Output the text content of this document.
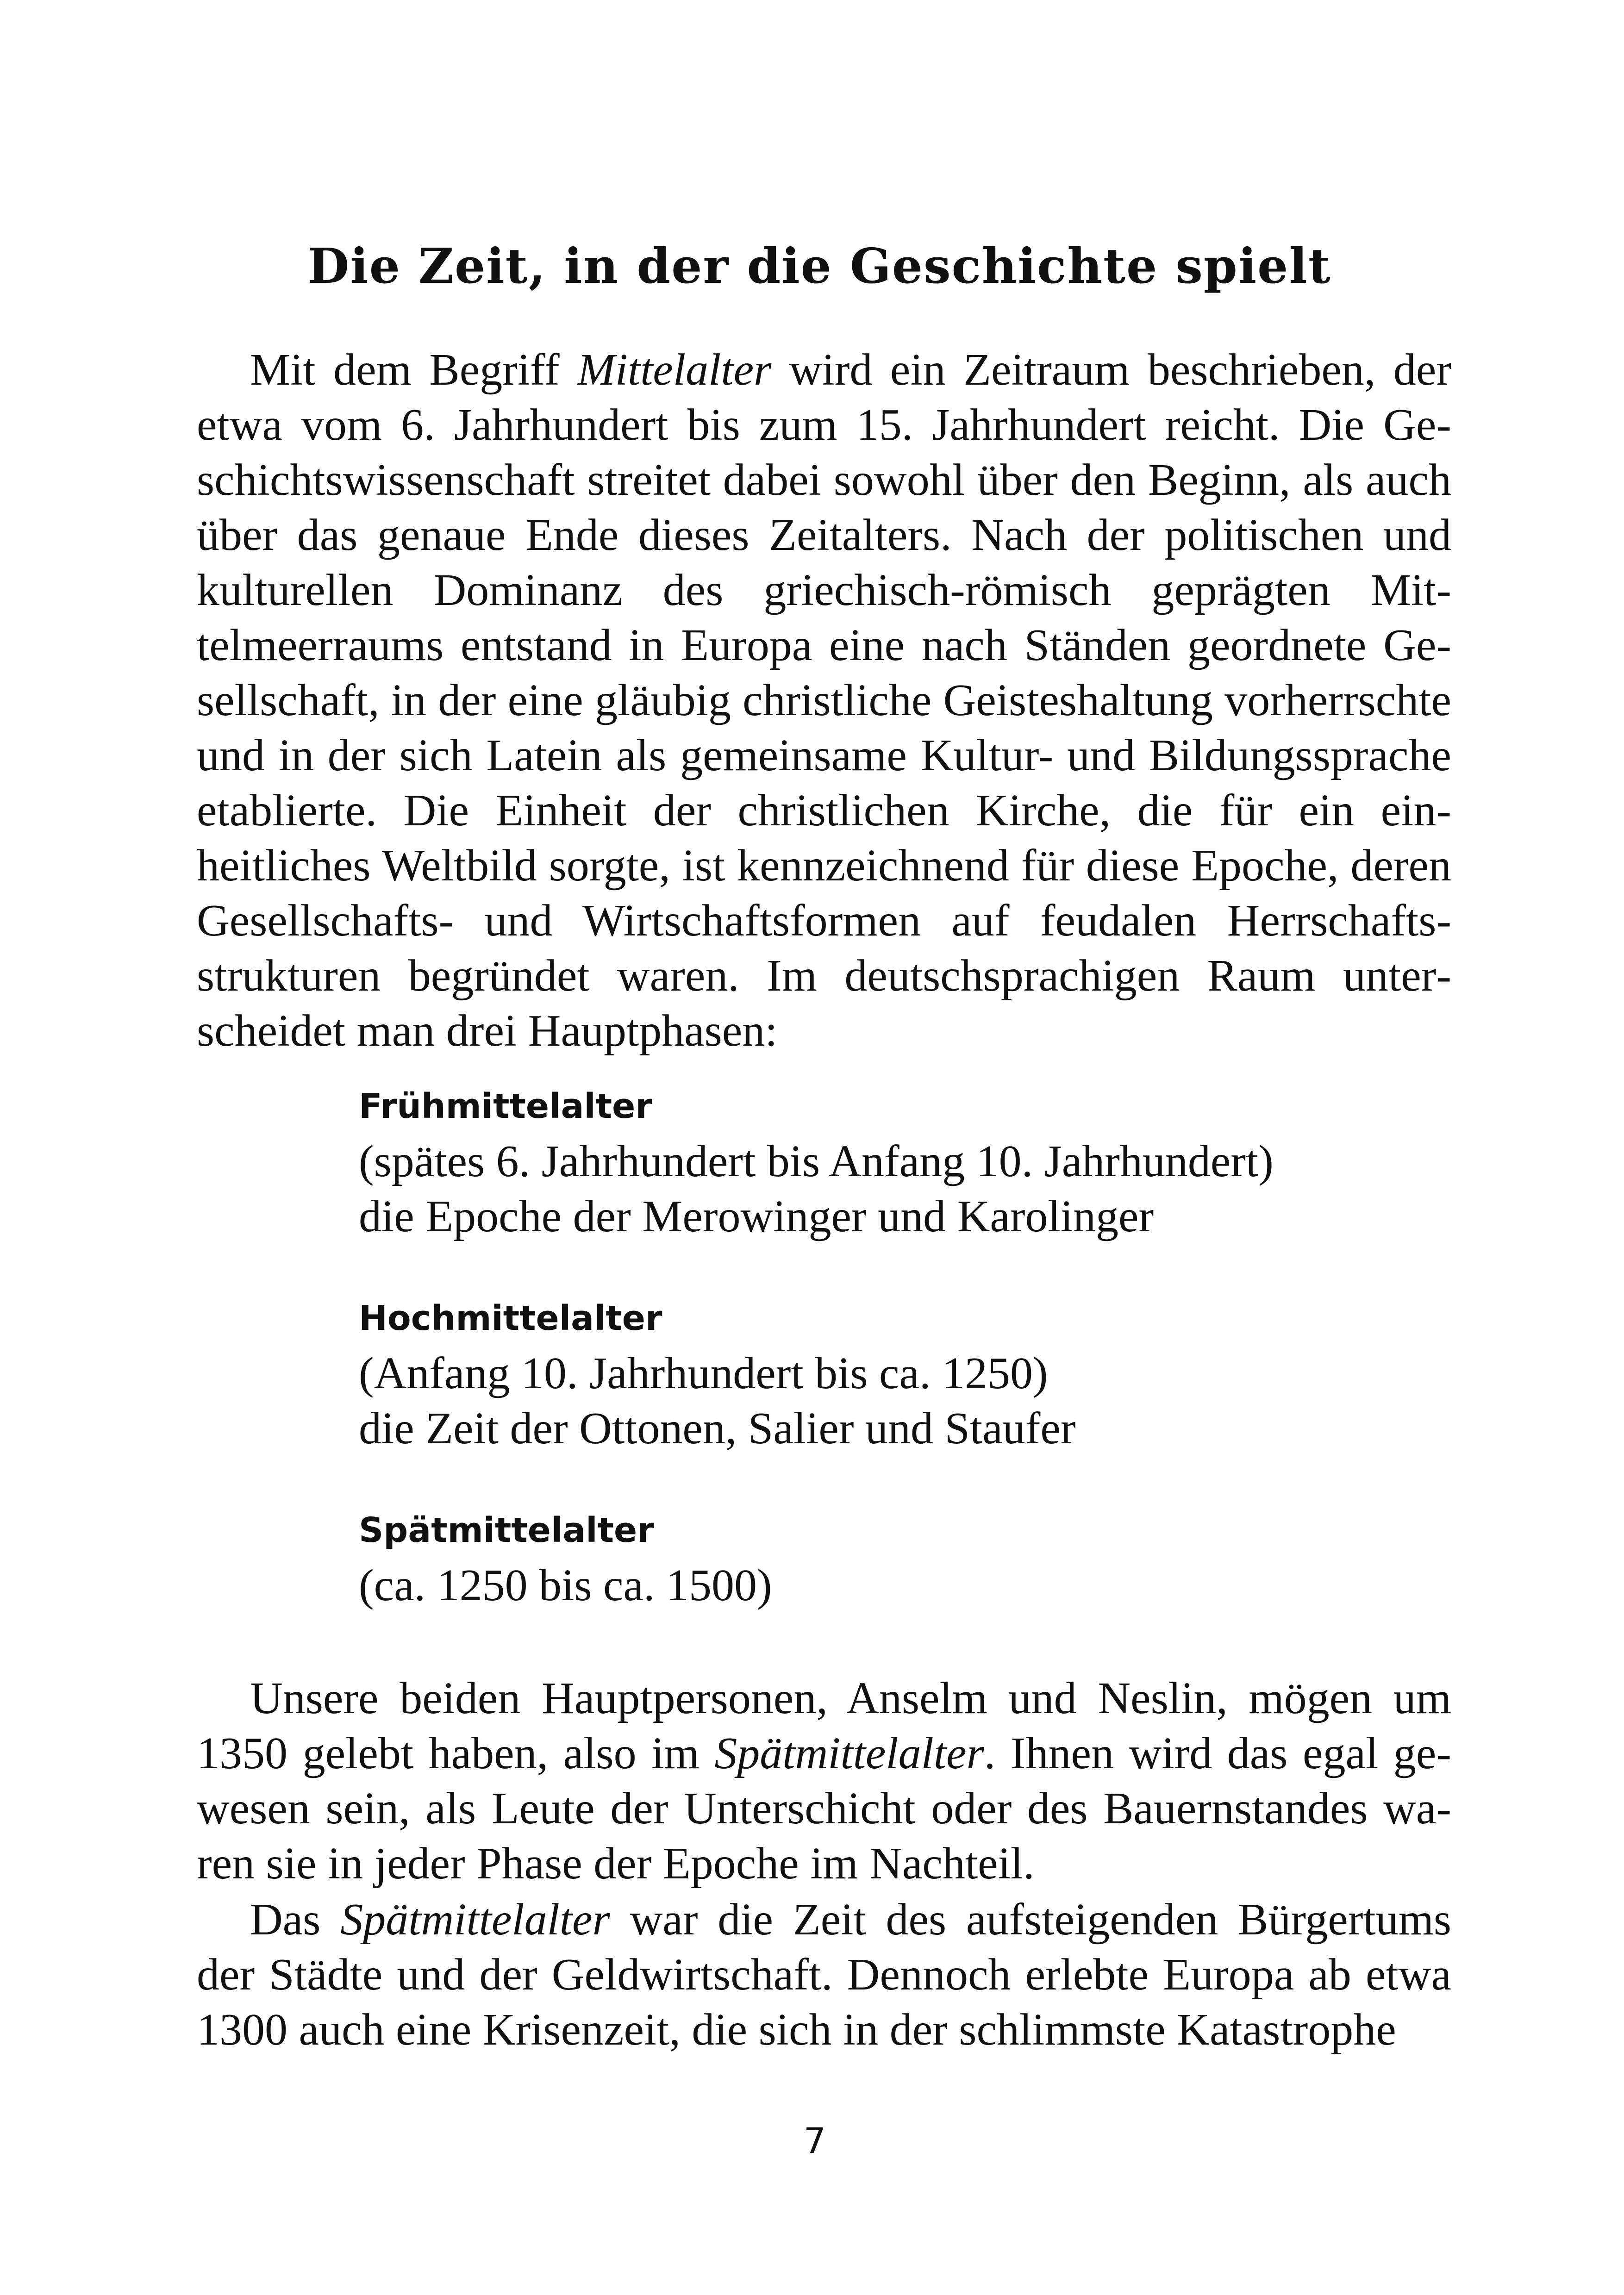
Die Zeit, in der die Geschichte spielt

Mit dem Begriff Mittelalter wird ein Zeitraum beschrieben, der etwa vom 6. Jahrhundert bis zum 15. Jahrhundert reicht. Die Geschichtswissenschaft streitet dabei sowohl über den Beginn, als auch über das genaue Ende dieses Zeitalters. Nach der politischen und kulturellen Dominanz des griechisch-römisch geprägten Mittelmeerraums entstand in Europa eine nach Ständen geordnete Gesellschaft, in der eine gläubig christliche Geisteshaltung vorherrschte und in der sich Latein als gemeinsame Kultur- und Bildungssprache etablierte. Die Einheit der christlichen Kirche, die für ein einheitliches Weltbild sorgte, ist kennzeichnend für diese Epoche, deren Gesellschafts- und Wirtschaftsformen auf feudalen Herrschaftsstrukturen begründet waren. Im deutschsprachigen Raum unterscheidet man drei Hauptphasen:

Frühmittelalter
(spätes 6. Jahrhundert bis Anfang 10. Jahrhundert)
die Epoche der Merowinger und Karolinger
Hochmittelalter
(Anfang 10. Jahrhundert bis ca. 1250)
die Zeit der Ottonen, Salier und Staufer
Spätmittelalter
(ca. 1250 bis ca. 1500)

Unsere beiden Hauptpersonen, Anselm und Neslin, mögen um 1350 gelebt haben, also im Spätmittelalter. Ihnen wird das egal gewesen sein, als Leute der Unterschicht oder des Bauernstandes waren sie in jeder Phase der Epoche im Nachteil.

Das Spätmittelalter war die Zeit des aufsteigenden Bürgertums der Städte und der Geldwirtschaft. Dennoch erlebte Europa ab etwa 1300 auch eine Krisenzeit, die sich in der schlimmste Katastrophe

7
